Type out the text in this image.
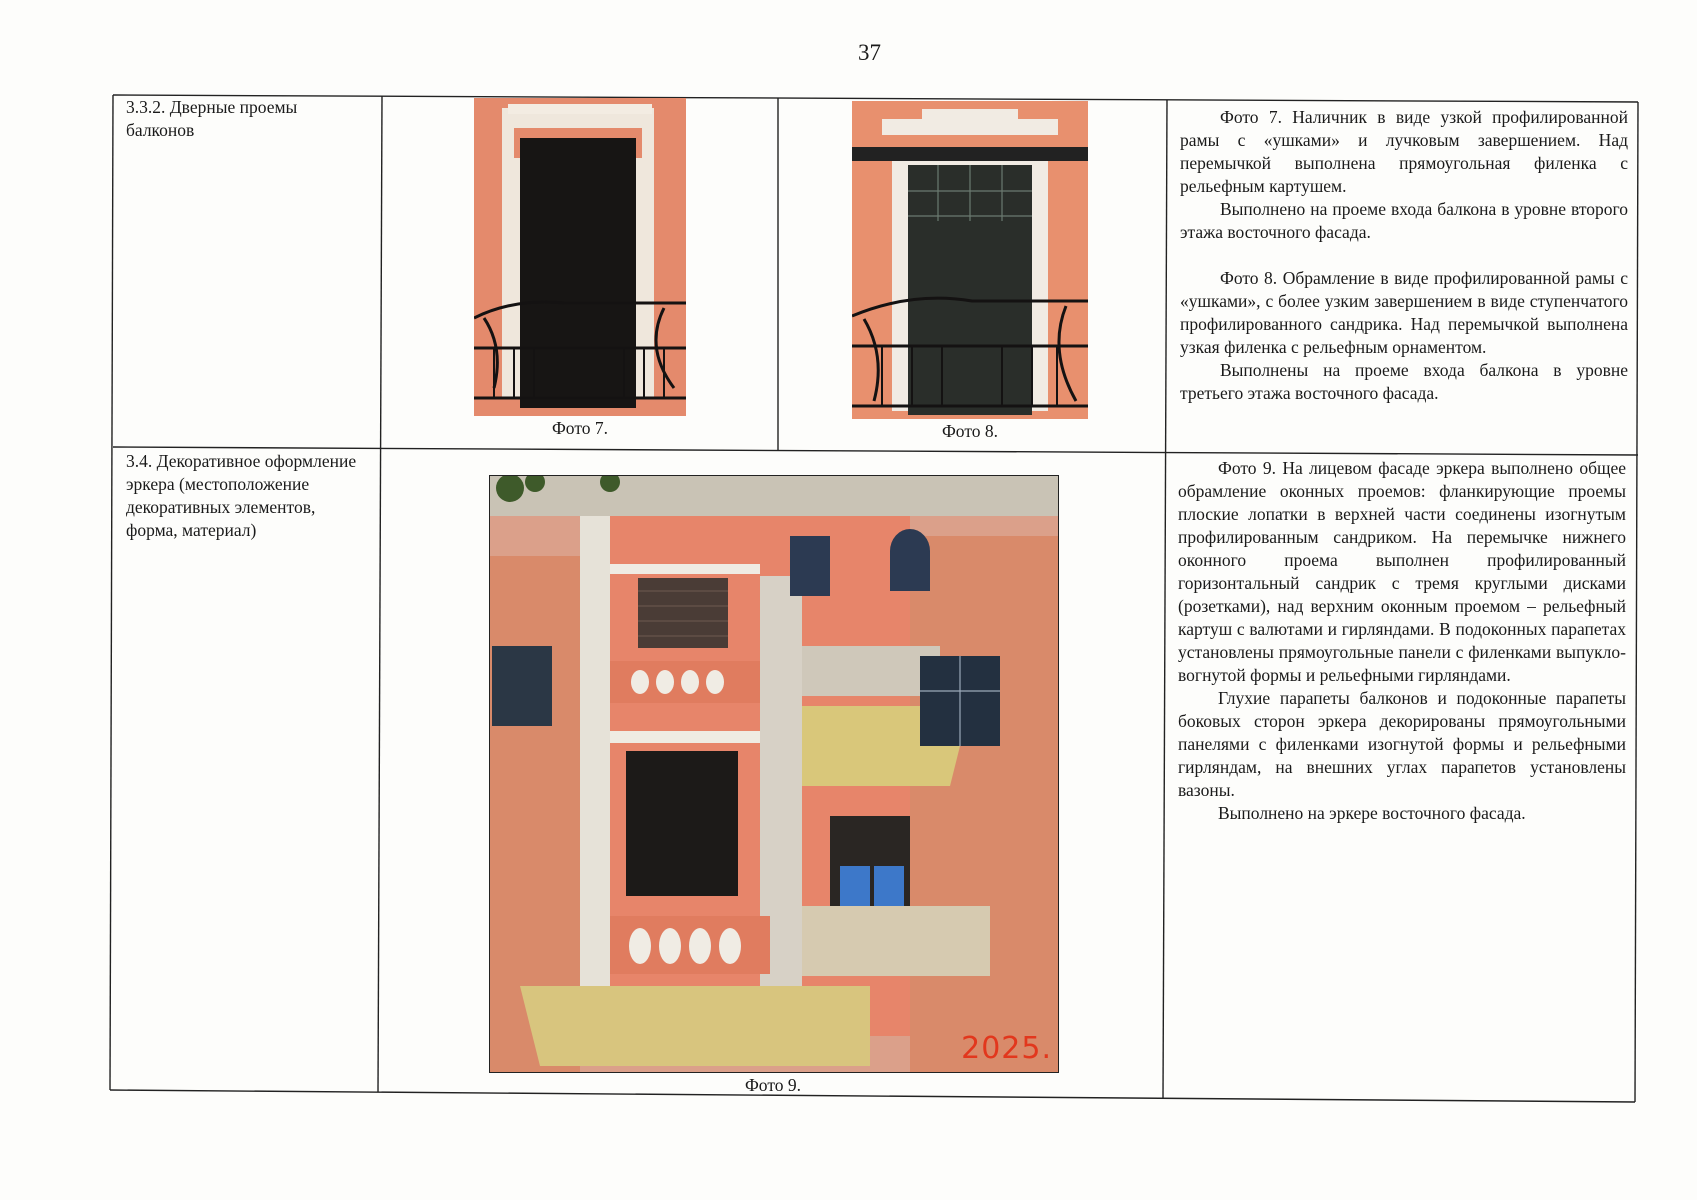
37
3.3.2. Дверные проемы балконов
Фото 7.	Фото 8.

Фото 7. Наличник в виде узкой профилированной рамы с «ушками» и лучковым завершением. Над перемычкой выполнена прямоугольная филенка с рельефным картушем.

Выполнено на проеме входа балкона в уровне второго этажа восточного фасада.

Фото 8. Обрамление в виде профилированной рамы с «ушками», с более узким завершением в виде ступенчатого профилированного сандрика. Над перемычкой выполнена узкая филенка с рельефным орнаментом.

Выполнены на проеме входа балкона в уровне третьего этажа восточного фасада.

3.4. Декоративное оформление эркера (местоположение декоративных элементов, форма, материал)
2025.
Фото 9.

Фото 9. На лицевом фасаде эркера выполнено общее обрамление оконных проемов: фланкирующие проемы плоские лопатки в верхней части соединены изогнутым профилированным сандриком. На перемычке нижнего оконного проема выполнен профилированный горизонтальный сандрик с тремя круглыми дисками (розетками), над верхним оконным проемом – рельефный картуш с валютами и гирляндами. В подоконных парапетах установлены прямоугольные панели с филенками выпукло-вогнутой формы и рельефными гирляндами.

Глухие парапеты балконов и подоконные парапеты боковых сторон эркера декорированы прямоугольными панелями с филенками изогнутой формы и рельефными гирляндам, на внешних углах парапетов установлены вазоны.

Выполнено на эркере восточного фасада.
